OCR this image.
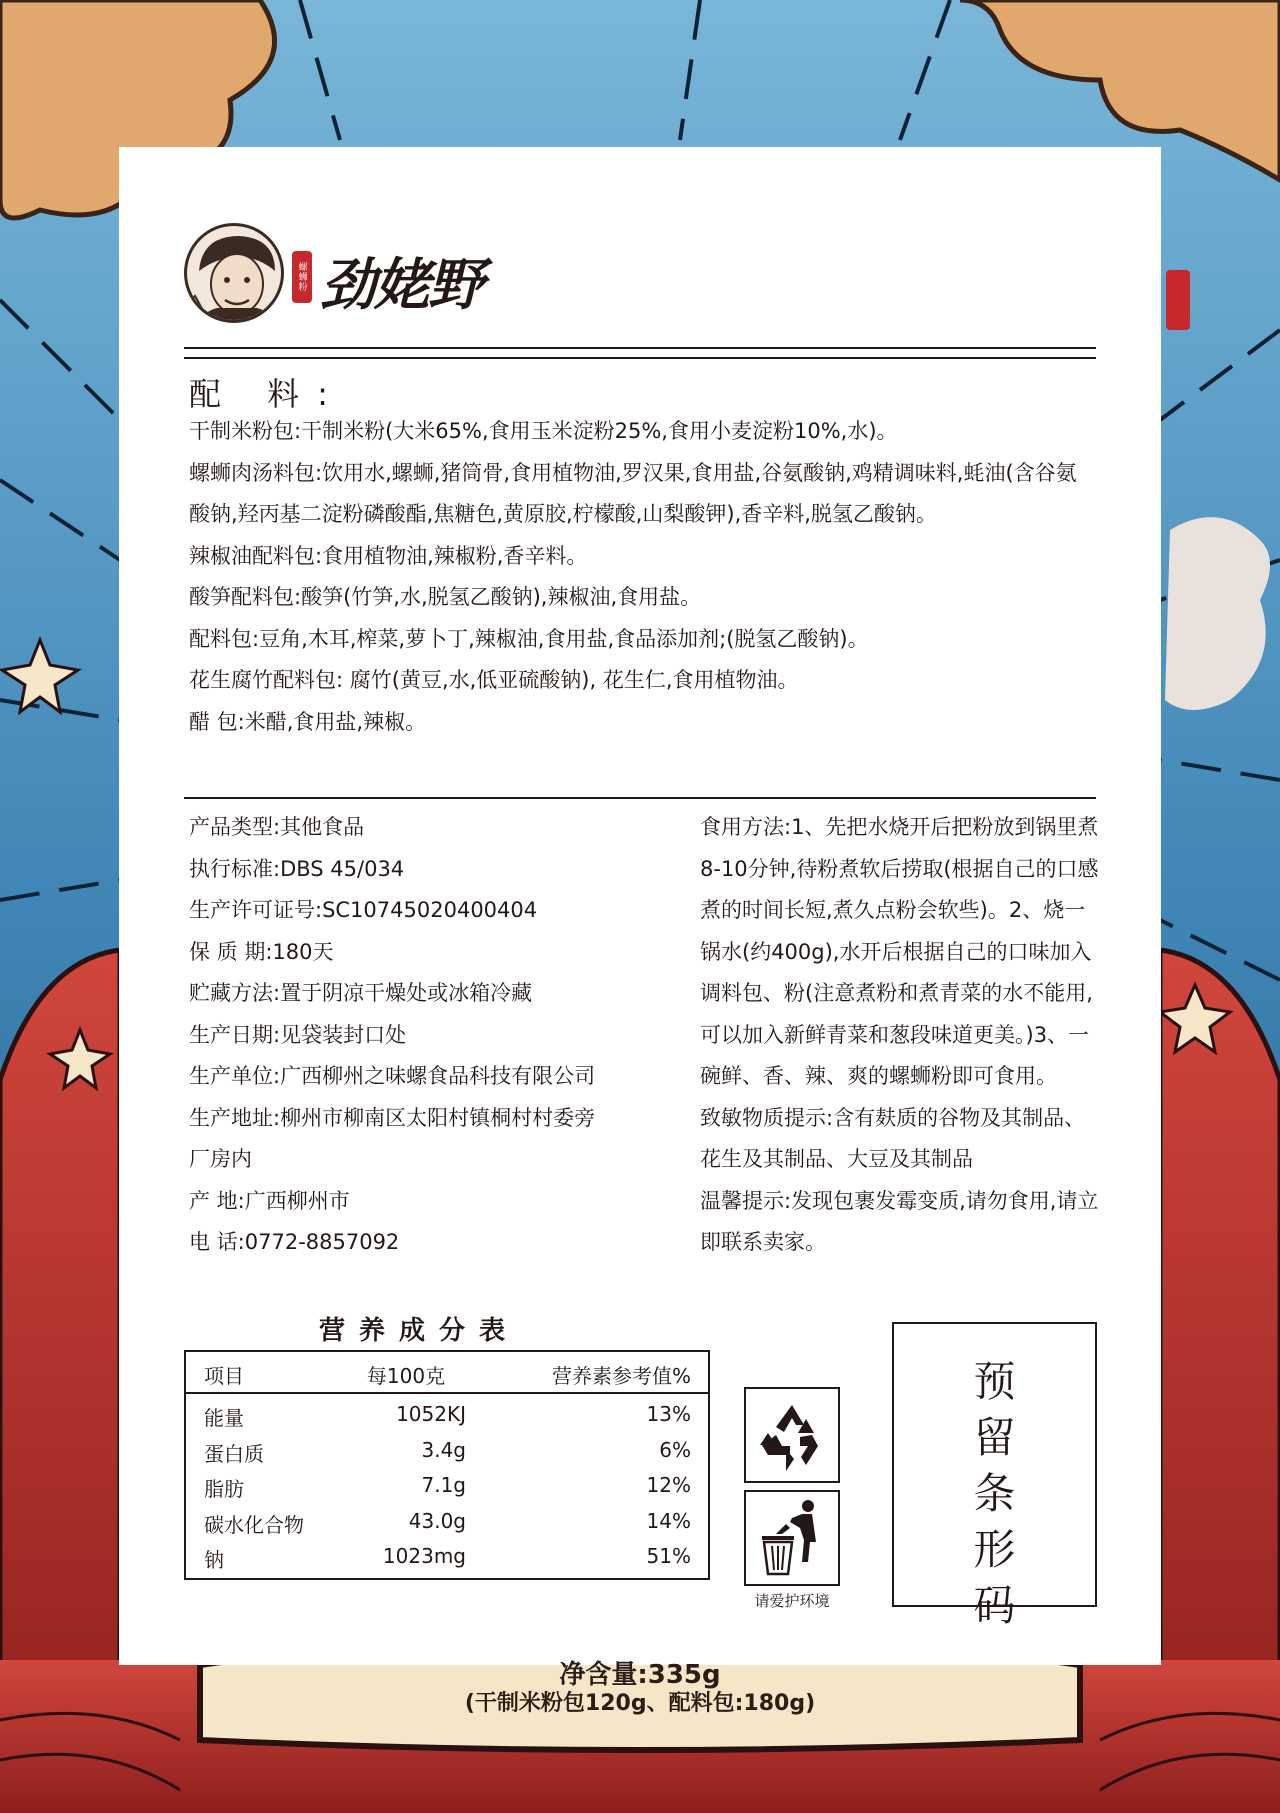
螺蛳粉 劲姥野
配 料:

干制米粉包:干制米粉(大米65%,食用玉米淀粉25%,食用小麦淀粉10%,水)。

螺蛳肉汤料包:饮用水,螺蛳,猪筒骨,食用植物油,罗汉果,食用盐,谷氨酸钠,鸡精调味料,蚝油(含谷氨酸钠,羟丙基二淀粉磷酸酯,焦糖色,黄原胶,柠檬酸,山梨酸钾),香辛料,脱氢乙酸钠。

辣椒油配料包:食用植物油,辣椒粉,香辛料。

酸笋配料包:酸笋(竹笋,水,脱氢乙酸钠),辣椒油,食用盐。

配料包:豆角,木耳,榨菜,萝卜丁,辣椒油,食用盐,食品添加剂;(脱氢乙酸钠)。

花生腐竹配料包: 腐竹(黄豆,水,低亚硫酸钠), 花生仁,食用植物油。

醋 包:米醋,食用盐,辣椒。

产品类型:其他食品

执行标准:DBS 45/034

生产许可证号:SC10745020400404

保 质 期:180天

贮藏方法:置于阴凉干燥处或冰箱冷藏

生产日期:见袋装封口处

生产单位:广西柳州之味螺食品科技有限公司

生产地址:柳州市柳南区太阳村镇桐村村委旁厂房内

产 地:广西柳州市

电 话:0772-8857092

食用方法:1、先把水烧开后把粉放到锅里煮8-10分钟,待粉煮软后捞取(根据自己的口感煮的时间长短,煮久点粉会软些)。2、烧一锅水(约400g),水开后根据自己的口味加入调料包、粉(注意煮粉和煮青菜的水不能用,可以加入新鲜青菜和葱段味道更美。)3、一碗鲜、香、辣、爽的螺蛳粉即可食用。

致敏物质提示:含有麸质的谷物及其制品、花生及其制品、大豆及其制品

温馨提示:发现包裹发霉变质,请勿食用,请立即联系卖家。

营养成分表
项目	每100克	营养素参考值%
能量	1052KJ	13%
蛋白质	3.4g	6%
脂肪	7.1g	12%
碳水化合物	43.0g	14%
钠	1023mg	51%
请爱护环境
预
留
条
形
码
净含量:335g
(干制米粉包120g、配料包:180g)
